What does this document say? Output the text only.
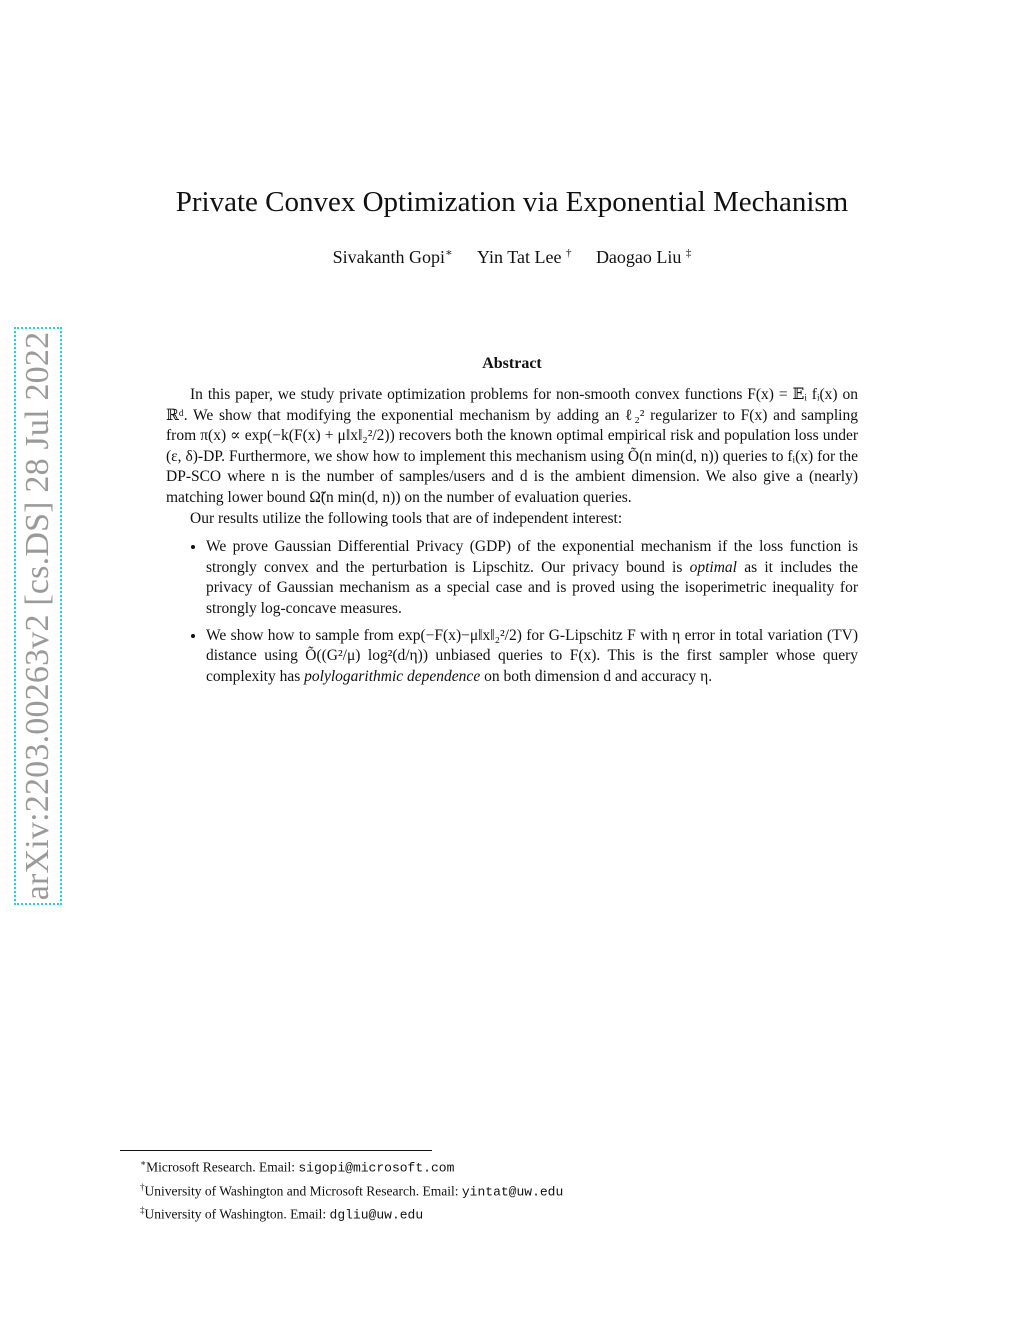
arXiv:2203.00263v2 [cs.DS] 28 Jul 2022
Private Convex Optimization via Exponential Mechanism
Sivakanth Gopi∗ Yin Tat Lee † Daogao Liu ‡
Abstract

In this paper, we study private optimization problems for non-smooth convex functions F(x) = 𝔼ᵢ fᵢ(x) on ℝᵈ. We show that modifying the exponential mechanism by adding an ℓ₂² regularizer to F(x) and sampling from π(x) ∝ exp(−k(F(x) + μ‖x‖₂²/2)) recovers both the known optimal empirical risk and population loss under (ε, δ)-DP. Furthermore, we show how to implement this mechanism using Õ(n min(d, n)) queries to fᵢ(x) for the DP-SCO where n is the number of samples/users and d is the ambient dimension. We also give a (nearly) matching lower bound Ω̃(n min(d, n)) on the number of evaluation queries.

Our results utilize the following tools that are of independent interest:

• We prove Gaussian Differential Privacy (GDP) of the exponential mechanism if the loss function is strongly convex and the perturbation is Lipschitz. Our privacy bound is optimal as it includes the privacy of Gaussian mechanism as a special case and is proved using the isoperimetric inequality for strongly log-concave measures.
• We show how to sample from exp(−F(x)−μ‖x‖₂²/2) for G-Lipschitz F with η error in total variation (TV) distance using Õ((G²/μ) log²(d/η)) unbiased queries to F(x). This is the first sampler whose query complexity has polylogarithmic dependence on both dimension d and accuracy η.
∗Microsoft Research. Email: sigopi@microsoft.com
†University of Washington and Microsoft Research. Email: yintat@uw.edu
‡University of Washington. Email: dgliu@uw.edu
